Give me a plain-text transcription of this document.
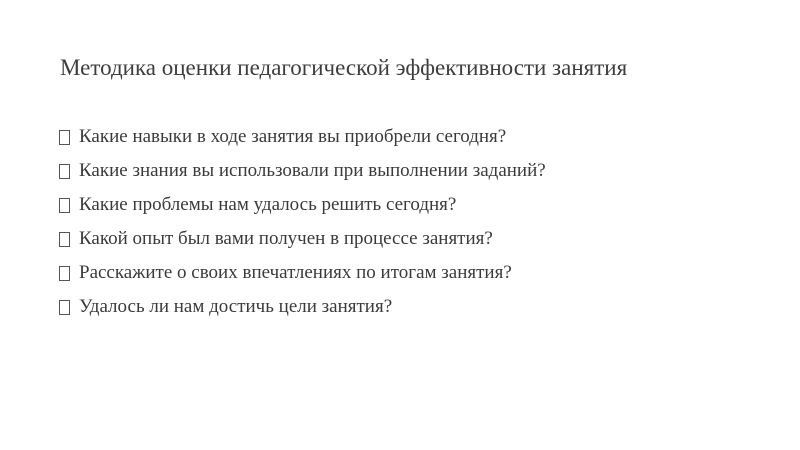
Методика оценки педагогической эффективности занятия
Какие навыки в ходе занятия вы приобрели сегодня?
Какие знания вы использовали при выполнении заданий?
Какие проблемы нам удалось решить сегодня?
Какой опыт был вами получен в процессе занятия?
Расскажите о своих впечатлениях по итогам занятия?
Удалось ли нам достичь цели занятия?
